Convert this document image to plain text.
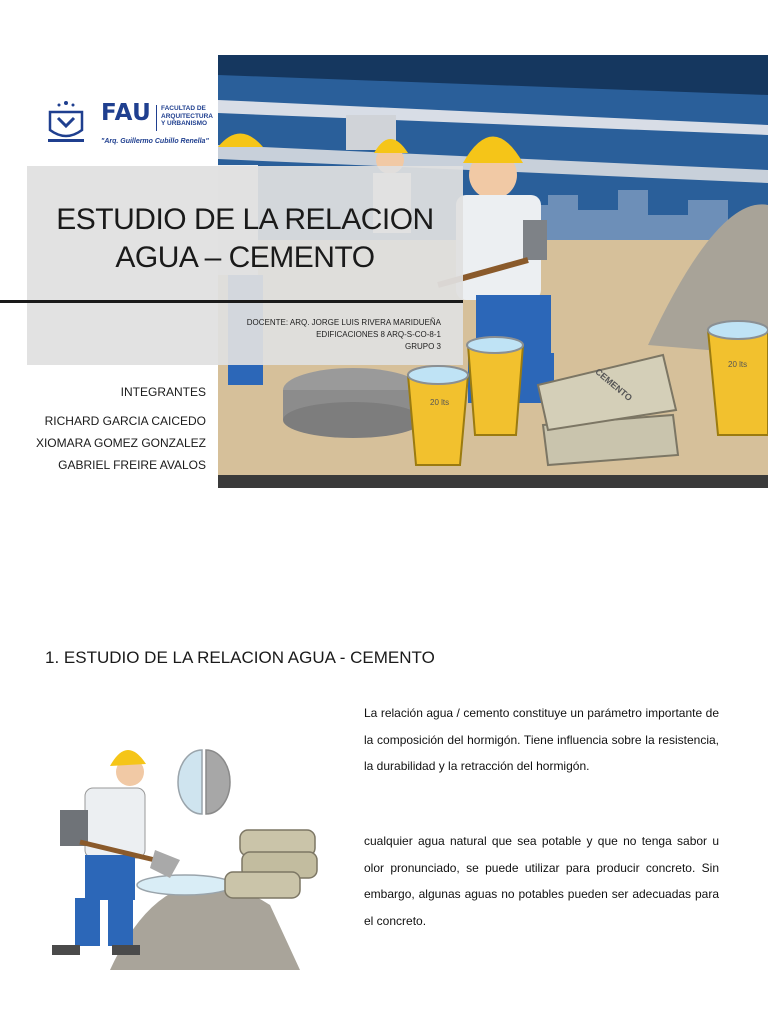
20 lts
20 lts
CEMENTO
FAU FACULTAD DE
ARQUITECTURA
Y URBANISMO
"Arq. Guillermo Cubillo Renella"
ESTUDIO DE LA RELACION
AGUA – CEMENTO
DOCENTE: ARQ. JORGE LUIS RIVERA MARIDUEÑA
EDIFICACIONES 8 ARQ-S-CO-8-1
GRUPO 3
INTEGRANTES
RICHARD GARCIA CAICEDO
XIOMARA GOMEZ GONZALEZ
GABRIEL FREIRE AVALOS
1. ESTUDIO DE LA RELACION AGUA - CEMENTO
La relación agua / cemento constituye un parámetro importante de la composición del hormigón. Tiene influencia sobre la resistencia, la durabilidad y la retracción del hormigón.
cualquier agua natural que sea potable y que no tenga sabor u olor pronunciado, se puede utilizar para producir concreto. Sin embargo, algunas aguas no potables pueden ser adecuadas para el concreto.
